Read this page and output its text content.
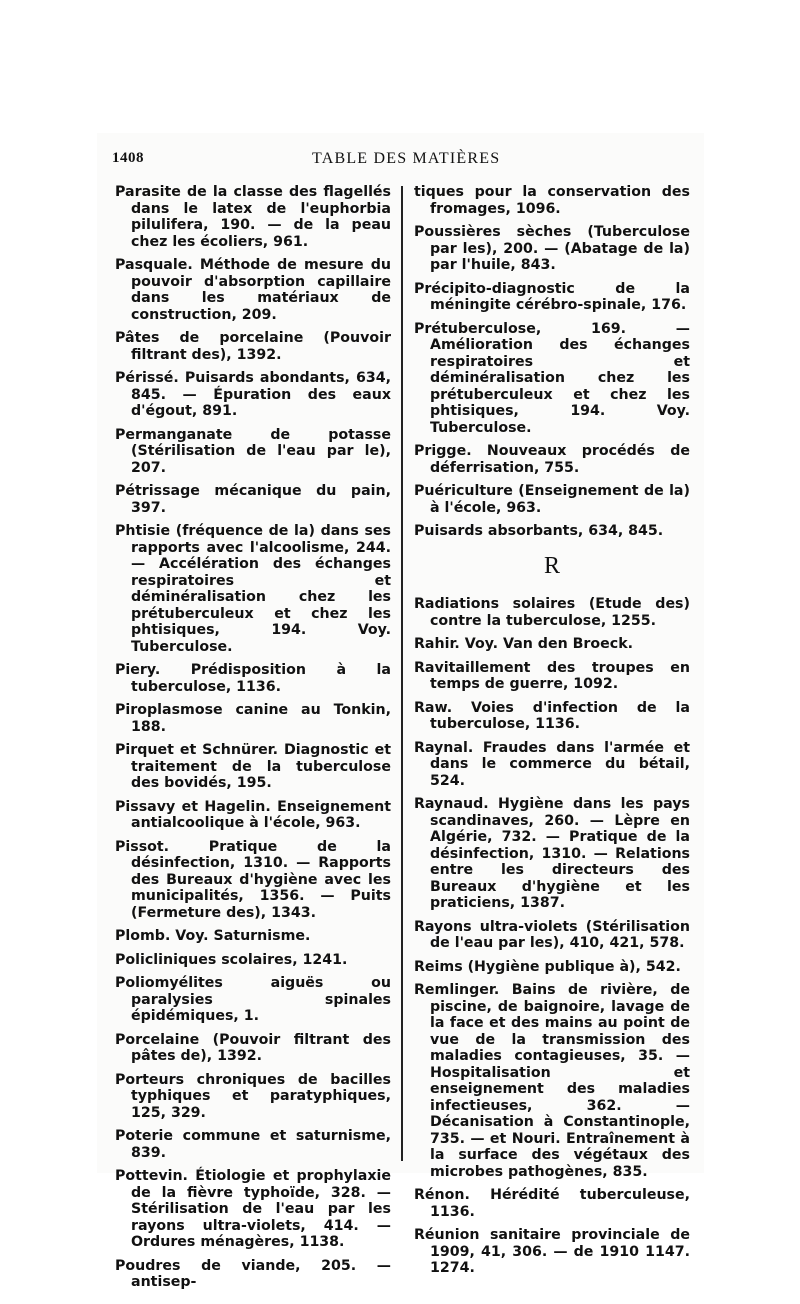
1408	TABLE DES MATIÈRES

Parasite de la classe des flagellés dans le latex de l'euphorbia pilulifera, 190. — de la peau chez les écoliers, 961.

Pasquale. Méthode de mesure du pouvoir d'absorption capillaire dans les matériaux de construction, 209.

Pâtes de porcelaine (Pouvoir filtrant des), 1392.

Périssé. Puisards abondants, 634, 845. — Épuration des eaux d'égout, 891.

Permanganate de potasse (Stérilisation de l'eau par le), 207.

Pétrissage mécanique du pain, 397.

Phtisie (fréquence de la) dans ses rapports avec l'alcoolisme, 244. — Accélération des échanges respiratoires et déminéralisation chez les prétuberculeux et chez les phtisiques, 194. Voy. Tuberculose.

Piery. Prédisposition à la tuberculose, 1136.

Piroplasmose canine au Tonkin, 188.

Pirquet et Schnürer. Diagnostic et traitement de la tuberculose des bovidés, 195.

Pissavy et Hagelin. Enseignement antialcoolique à l'école, 963.

Pissot. Pratique de la désinfection, 1310. — Rapports des Bureaux d'hygiène avec les municipalités, 1356. — Puits (Fermeture des), 1343.

Plomb. Voy. Saturnisme.

Policliniques scolaires, 1241.

Poliomyélites aiguës ou paralysies spinales épidémiques, 1.

Porcelaine (Pouvoir filtrant des pâtes de), 1392.

Porteurs chroniques de bacilles typhiques et paratyphiques, 125, 329.

Poterie commune et saturnisme, 839.

Pottevin. Étiologie et prophylaxie de la fièvre typhoïde, 328. — Stérilisation de l'eau par les rayons ultra-violets, 414. — Ordures ménagères, 1138.

Poudres de viande, 205. — antisep-

tiques pour la conservation des fromages, 1096.

Poussières sèches (Tuberculose par les), 200. — (Abatage de la) par l'huile, 843.

Précipito-diagnostic de la méningite cérébro-spinale, 176.

Prétuberculose, 169. — Amélioration des échanges respiratoires et déminéralisation chez les prétuberculeux et chez les phtisiques, 194. Voy. Tuberculose.

Prigge. Nouveaux procédés de déferrisation, 755.

Puériculture (Enseignement de la) à l'école, 963.

Puisards absorbants, 634, 845.

R

Radiations solaires (Etude des) contre la tuberculose, 1255.

Rahir. Voy. Van den Broeck.

Ravitaillement des troupes en temps de guerre, 1092.

Raw. Voies d'infection de la tuberculose, 1136.

Raynal. Fraudes dans l'armée et dans le commerce du bétail, 524.

Raynaud. Hygiène dans les pays scandinaves, 260. — Lèpre en Algérie, 732. — Pratique de la désinfection, 1310. — Relations entre les directeurs des Bureaux d'hygiène et les praticiens, 1387.

Rayons ultra-violets (Stérilisation de l'eau par les), 410, 421, 578.

Reims (Hygiène publique à), 542.

Remlinger. Bains de rivière, de piscine, de baignoire, lavage de la face et des mains au point de vue de la transmission des maladies contagieuses, 35. — Hospitalisation et enseignement des maladies infectieuses, 362. — Décanisation à Constantinople, 735. — et Nouri. Entraînement à la surface des végétaux des microbes pathogènes, 835.

Rénon. Hérédité tuberculeuse, 1136.

Réunion sanitaire provinciale de 1909, 41, 306. — de 1910 1147. 1274.
